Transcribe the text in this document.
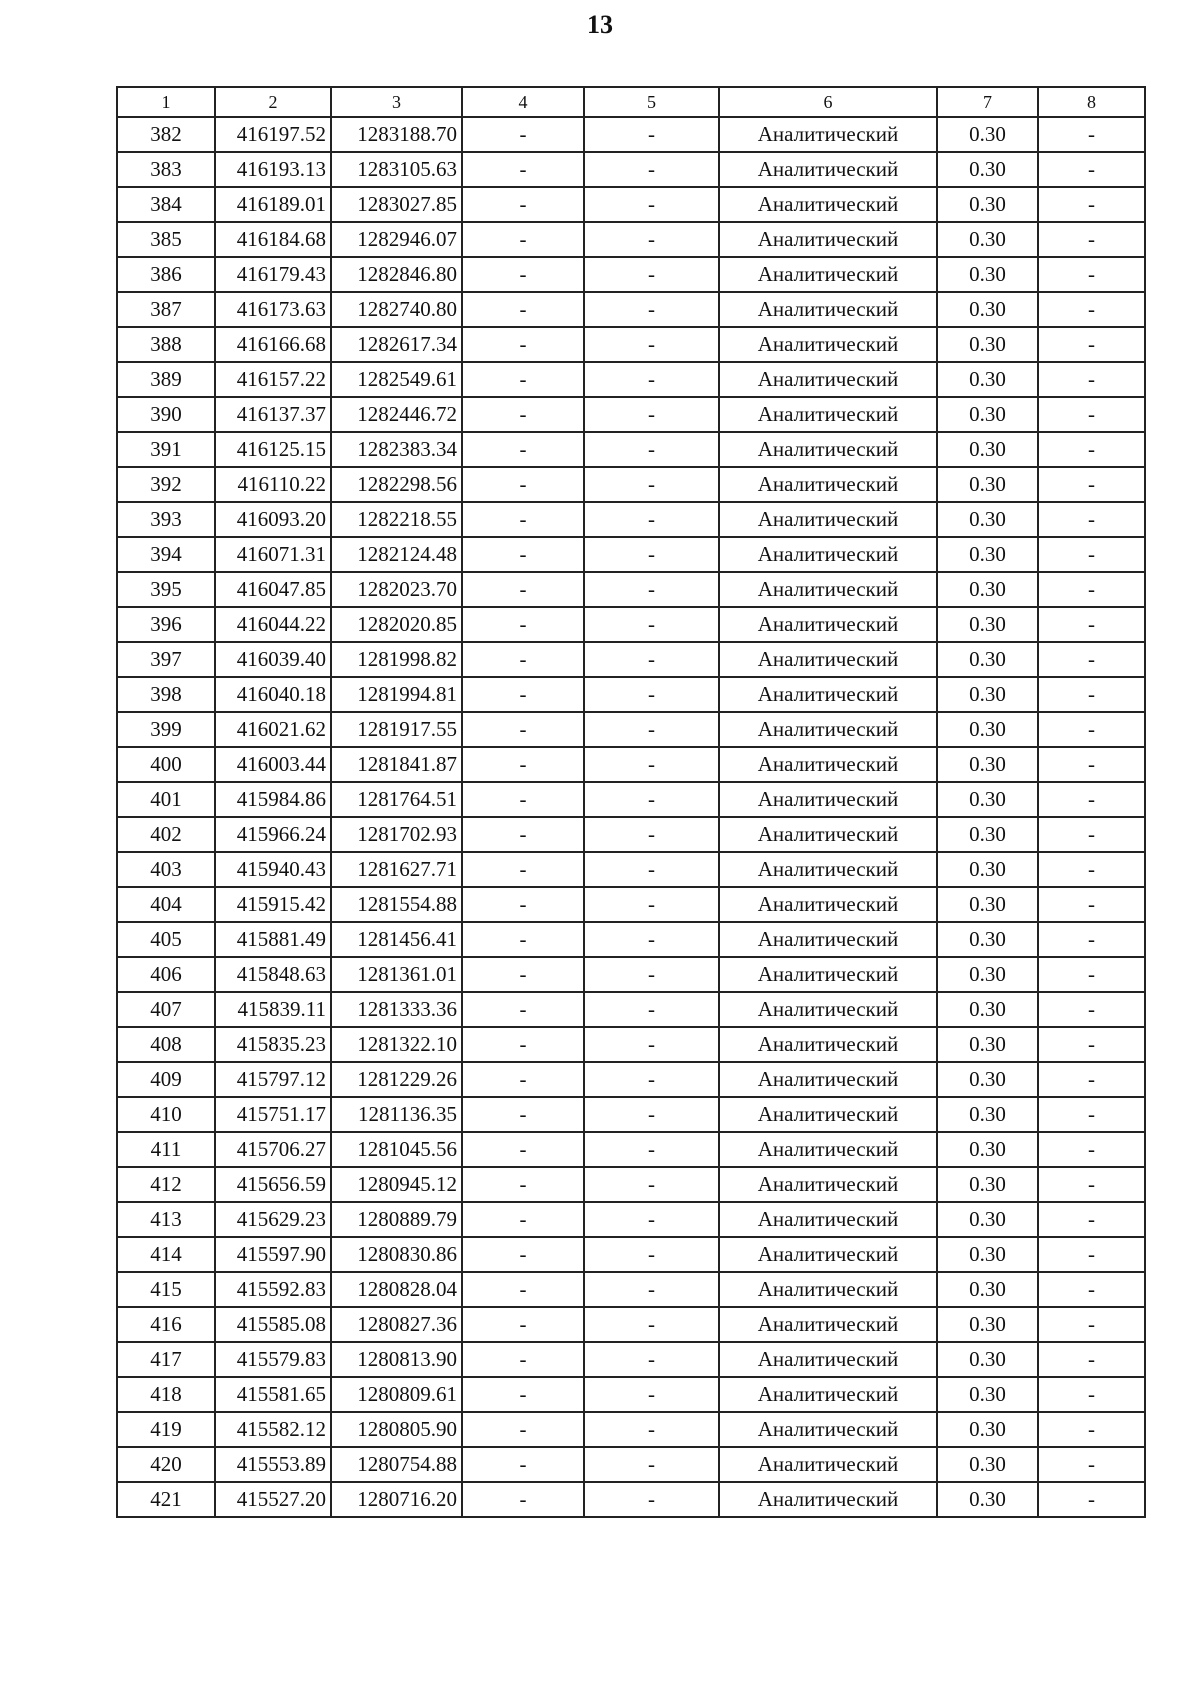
13
1	2	3	4	5	6	7	8
382	416197.52	1283188.70	-	-	Аналитический	0.30	-
383	416193.13	1283105.63	-	-	Аналитический	0.30	-
384	416189.01	1283027.85	-	-	Аналитический	0.30	-
385	416184.68	1282946.07	-	-	Аналитический	0.30	-
386	416179.43	1282846.80	-	-	Аналитический	0.30	-
387	416173.63	1282740.80	-	-	Аналитический	0.30	-
388	416166.68	1282617.34	-	-	Аналитический	0.30	-
389	416157.22	1282549.61	-	-	Аналитический	0.30	-
390	416137.37	1282446.72	-	-	Аналитический	0.30	-
391	416125.15	1282383.34	-	-	Аналитический	0.30	-
392	416110.22	1282298.56	-	-	Аналитический	0.30	-
393	416093.20	1282218.55	-	-	Аналитический	0.30	-
394	416071.31	1282124.48	-	-	Аналитический	0.30	-
395	416047.85	1282023.70	-	-	Аналитический	0.30	-
396	416044.22	1282020.85	-	-	Аналитический	0.30	-
397	416039.40	1281998.82	-	-	Аналитический	0.30	-
398	416040.18	1281994.81	-	-	Аналитический	0.30	-
399	416021.62	1281917.55	-	-	Аналитический	0.30	-
400	416003.44	1281841.87	-	-	Аналитический	0.30	-
401	415984.86	1281764.51	-	-	Аналитический	0.30	-
402	415966.24	1281702.93	-	-	Аналитический	0.30	-
403	415940.43	1281627.71	-	-	Аналитический	0.30	-
404	415915.42	1281554.88	-	-	Аналитический	0.30	-
405	415881.49	1281456.41	-	-	Аналитический	0.30	-
406	415848.63	1281361.01	-	-	Аналитический	0.30	-
407	415839.11	1281333.36	-	-	Аналитический	0.30	-
408	415835.23	1281322.10	-	-	Аналитический	0.30	-
409	415797.12	1281229.26	-	-	Аналитический	0.30	-
410	415751.17	1281136.35	-	-	Аналитический	0.30	-
411	415706.27	1281045.56	-	-	Аналитический	0.30	-
412	415656.59	1280945.12	-	-	Аналитический	0.30	-
413	415629.23	1280889.79	-	-	Аналитический	0.30	-
414	415597.90	1280830.86	-	-	Аналитический	0.30	-
415	415592.83	1280828.04	-	-	Аналитический	0.30	-
416	415585.08	1280827.36	-	-	Аналитический	0.30	-
417	415579.83	1280813.90	-	-	Аналитический	0.30	-
418	415581.65	1280809.61	-	-	Аналитический	0.30	-
419	415582.12	1280805.90	-	-	Аналитический	0.30	-
420	415553.89	1280754.88	-	-	Аналитический	0.30	-
421	415527.20	1280716.20	-	-	Аналитический	0.30	-
